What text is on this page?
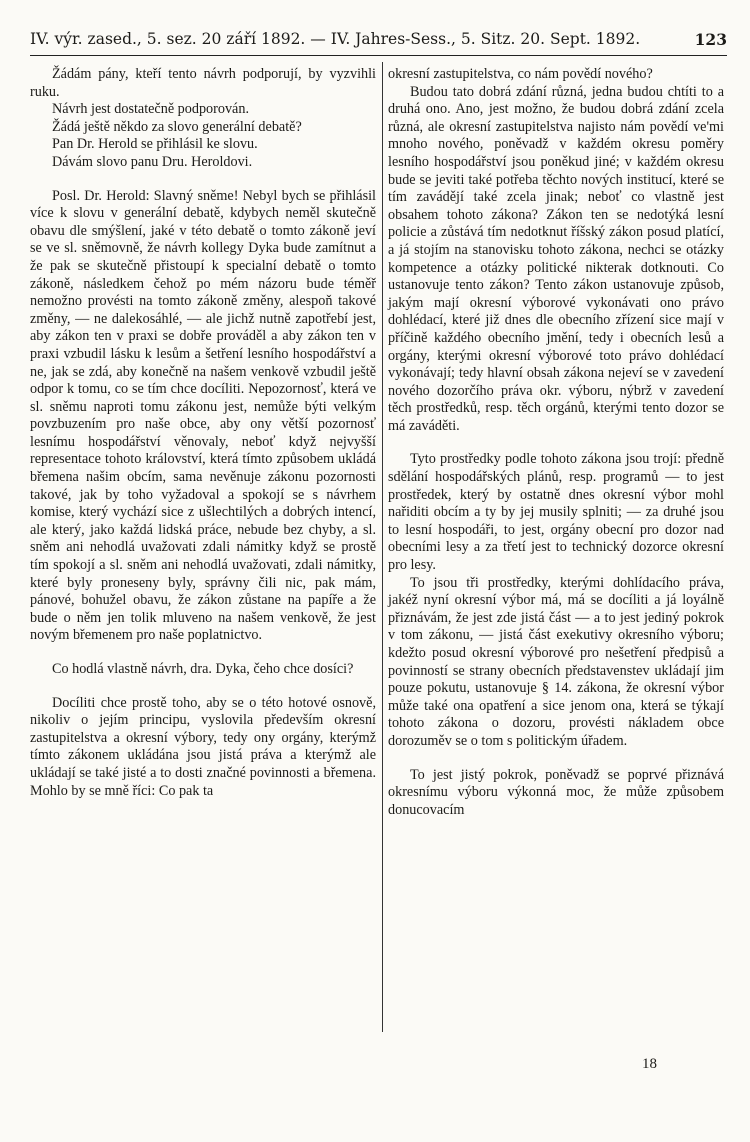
IV. výr. zased., 5. sez. 20 září 1892. — IV. Jahres-Sess., 5. Sitz. 20. Sept. 1892.	123

Žádám pány, kteří tento návrh podporují, by vyzvihli ruku.

Návrh jest dostatečně podporován.

Žádá ještě někdo za slovo generální debatě?

Pan Dr. Herold se přihlásil ke slovu.

Dávám slovo panu Dru. Heroldovi.

Posl. Dr. Herold: Slavný sněme! Nebyl bych se přihlásil více k slovu v generální debatě, kdybych neměl skutečně obavu dle smýšlení, jaké v této debatě o tomto zákoně jeví se ve sl. sněmovně, že návrh kollegy Dyka bude zamítnut a že pak se skutečně přistoupí k specialní debatě o tomto zákoně, následkem čehož po mém názoru bude téměř nemožno provésti na tomto zákoně změny, alespoň takové změny, — ne dalekosáhlé, — ale jichž nutně zapotřebí jest, aby zákon ten v praxi se dobře prováděl a aby zákon ten v praxi vzbudil lásku k lesům a šetření lesního hospodářství a ne, jak se zdá, aby konečně na našem venkově vzbudil ještě odpor k tomu, co se tím chce docíliti. Nepozornosť, která ve sl. sněmu naproti tomu zákonu jest, nemůže býti velkým povzbuzením pro naše obce, aby ony větší pozornosť lesnímu hospodářství věnovaly, neboť když nejvyšší representace tohoto království, která tímto způsobem ukládá břemena našim obcím, sama nevěnuje zákonu pozornosti takové, jak by toho vyžadoval a spokojí se s návrhem komise, který vychází sice z ušlechtilých a dobrých intencí, ale který, jako každá lidská práce, nebude bez chyby, a sl. sněm ani nehodlá uvažovati zdali námitky když se prostě tím spokojí a sl. sněm ani nehodlá uvažovati, zdali námitky, které byly proneseny byly, správny čili nic, pak mám, pánové, bohužel obavu, že zákon zůstane na papíře a že bude o něm jen tolik mluveno na našem venkově, že jest novým břemenem pro naše poplatnictvo.

Co hodlá vlastně návrh, dra. Dyka, čeho chce dosíci?

Docíliti chce prostě toho, aby se o této hotové osnově, nikoliv o jejím principu, vyslovila především okresní zastupitelstva a okresní výbory, tedy ony orgány, kterýmž tímto zákonem ukládána jsou jistá práva a kterýmž ale ukládají se také jisté a to dosti značné povinnosti a břemena. Mohlo by se mně říci: Co pak ta

okresní zastupitelstva, co nám povědí nového?

Budou tato dobrá zdání různá, jedna budou chtíti to a druhá ono. Ano, jest možno, že budou dobrá zdání zcela různá, ale okresní zastupitelstva najisto nám povědí ve'mi mnoho nového, poněvadž v každém okresu poměry lesního hospodářství jsou poněkud jiné; v každém okresu bude se jeviti také potřeba těchto nových institucí, které se tím zavádějí také zcela jinak; neboť co vlastně jest obsahem tohoto zákona? Zákon ten se nedotýká lesní policie a zůstává tím nedotknut říšský zákon posud platící, a já stojím na stanovisku tohoto zákona, nechci se otázky kompetence a otázky politické nikterak dotknouti. Co ustanovuje tento zákon? Tento zákon ustanovuje způsob, jakým mají okresní výborové vykonávati ono právo dohlédací, které již dnes dle obecního zřízení sice mají v příčině každého obecního jmění, tedy i obecních lesů a orgány, kterými okresní výborové toto právo dohlédací vykonávají; tedy hlavní obsah zákona nejeví se v zavedení nového dozorčího práva okr. výboru, nýbrž v zavedení těch prostředků, resp. těch orgánů, kterými tento dozor se má zaváděti.

Tyto prostředky podle tohoto zákona jsou trojí: předně sdělání hospodářských plánů, resp. programů — to jest prostředek, který by ostatně dnes okresní výbor mohl nařiditi obcím a ty by jej musily splniti; — za druhé jsou to lesní hospodáři, to jest, orgány obecní pro dozor nad obecními lesy a za třetí jest to technický dozorce okresní pro lesy.

To jsou tři prostředky, kterými dohlídacího práva, jakéž nyní okresní výbor má, má se docíliti a já loyálně přiznávám, že jest zde jistá část — a to jest jediný pokrok v tom zákonu, — jistá část exekutivy okresního výboru; kdežto posud okresní výborové pro nešetření předpisů a povinností se strany obecních představenstev ukládají jim pouze pokutu, ustanovuje § 14. zákona, že okresní výbor může také ona opatření a sice jenom ona, která se týkají tohoto zákona o dozoru, provésti nákladem obce dorozuměv se o tom s politickým úřadem.

To jest jistý pokrok, poněvadž se poprvé přiznává okresnímu výboru výkonná moc, že může způsobem donucovacím

18
